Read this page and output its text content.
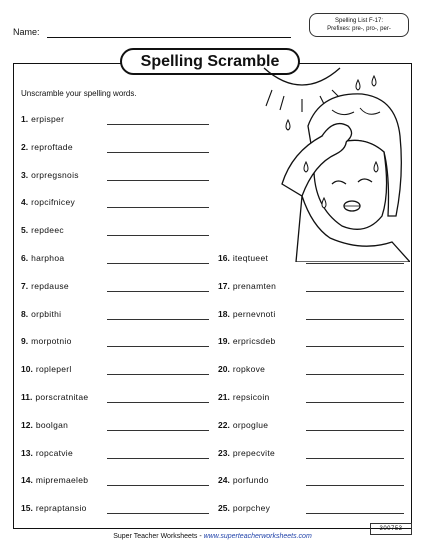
Name:
Spelling List F-17:
Prefixes: pre-, pro-, per-
Spelling Scramble
Unscramble your spelling words.
1. erpisper
2. reproftade
3. orpregsnois
4. ropcifnicey
5. repdeec
6. harphoa
7. repdause
8. orpbithi
9. morpotnio
10. ropleperl
11. porscratnitae
12. boolgan
13. ropcatvie
14. mipremaeleb
15. repraptansio
16. iteqtueet
17. prenamten
18. pernevnoti
19. erpricsdeb
20. ropkove
21. repsicoin
22. orpoglue
23. prepecvite
24. porfundo
25. porpchey
Super Teacher Worksheets - www.superteacherworksheets.com
300753
